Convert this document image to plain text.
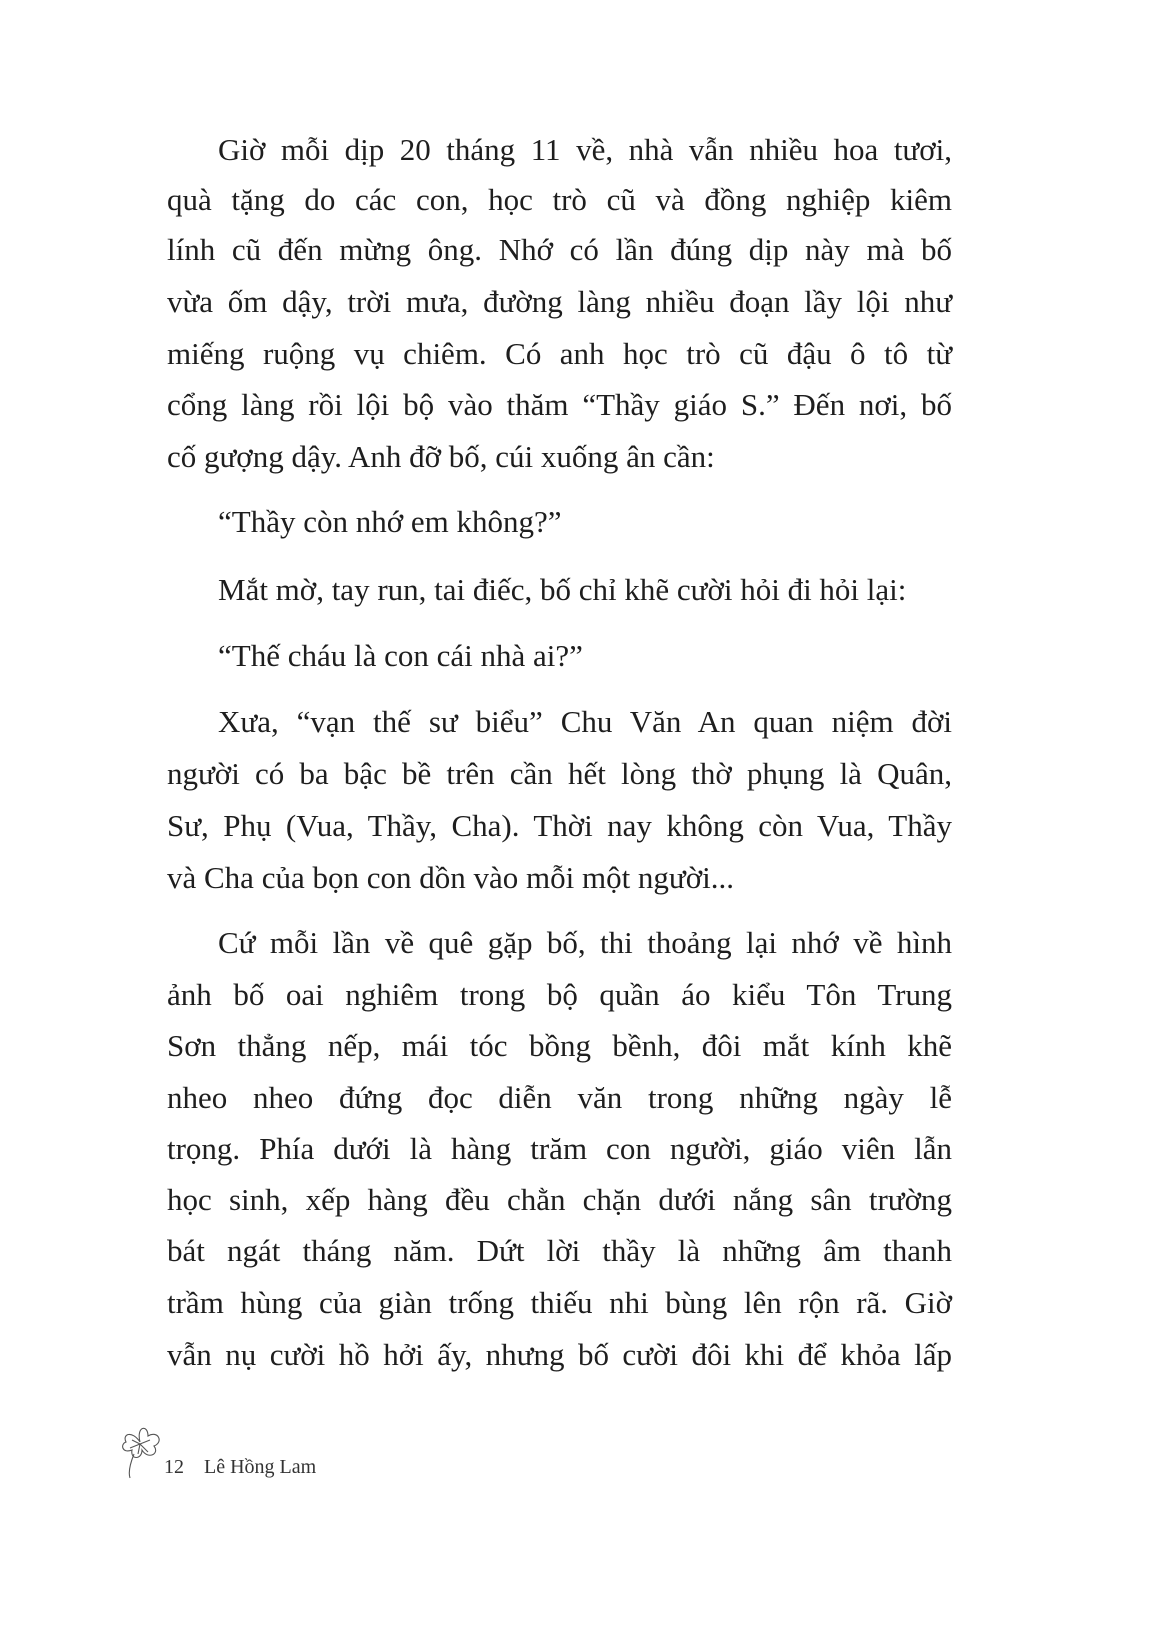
Giờ mỗi dịp 20 tháng 11 về, nhà vẫn nhiều hoa tươi,
quà tặng do các con, học trò cũ và đồng nghiệp kiêm
lính cũ đến mừng ông. Nhớ có lần đúng dịp này mà bố
vừa ốm dậy, trời mưa, đường làng nhiều đoạn lầy lội như
miếng ruộng vụ chiêm. Có anh học trò cũ đậu ô tô từ
cổng làng rồi lội bộ vào thăm “Thầy giáo S.” Đến nơi, bố
cố gượng dậy. Anh đỡ bố, cúi xuống ân cần:
“Thầy còn nhớ em không?”
Mắt mờ, tay run, tai điếc, bố chỉ khẽ cười hỏi đi hỏi lại:
“Thế cháu là con cái nhà ai?”
Xưa, “vạn thế sư biểu” Chu Văn An quan niệm đời
người có ba bậc bề trên cần hết lòng thờ phụng là Quân,
Sư, Phụ (Vua, Thầy, Cha). Thời nay không còn Vua, Thầy
và Cha của bọn con dồn vào mỗi một người...
Cứ mỗi lần về quê gặp bố, thi thoảng lại nhớ về hình
ảnh bố oai nghiêm trong bộ quần áo kiểu Tôn Trung
Sơn thẳng nếp, mái tóc bồng bềnh, đôi mắt kính khẽ
nheo nheo đứng đọc diễn văn trong những ngày lễ
trọng. Phía dưới là hàng trăm con người, giáo viên lẫn
học sinh, xếp hàng đều chằn chặn dưới nắng sân trường
bát ngát tháng năm. Dứt lời thầy là những âm thanh
trầm hùng của giàn trống thiếu nhi bùng lên rộn rã. Giờ
vẫn nụ cười hồ hởi ấy, nhưng bố cười đôi khi để khỏa lấp
12 Lê Hồng Lam
